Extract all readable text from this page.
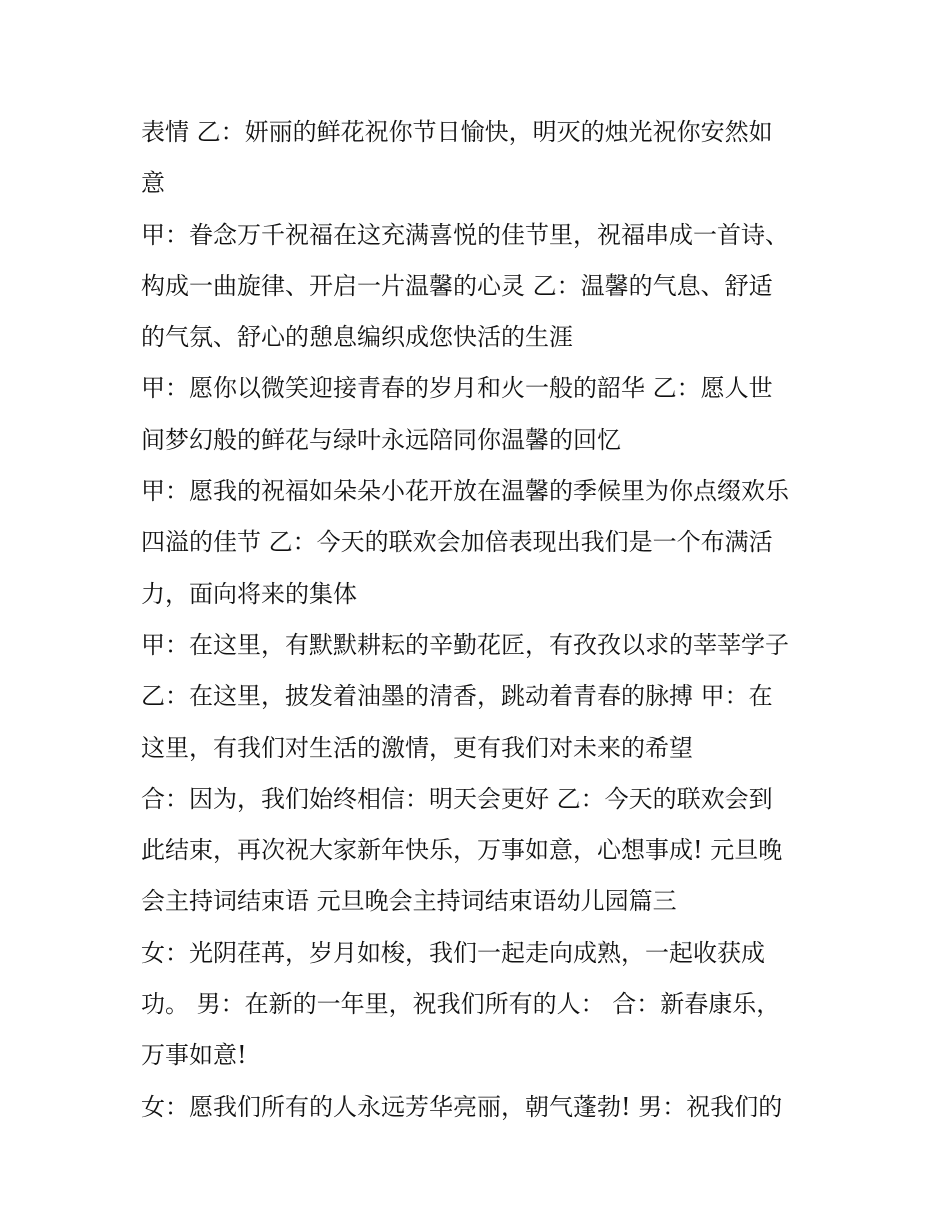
表情 乙：妍丽的鲜花祝你节日愉快，明灭的烛光祝你安然如
意
甲：眷念万千祝福在这充满喜悦的佳节里，祝福串成一首诗、
构成一曲旋律、开启一片温馨的心灵 乙：温馨的气息、舒适
的气氛、舒心的憩息编织成您快活的生涯
甲：愿你以微笑迎接青春的岁月和火一般的韶华 乙：愿人世
间梦幻般的鲜花与绿叶永远陪同你温馨的回忆
甲：愿我的祝福如朵朵小花开放在温馨的季候里为你点缀欢乐
四溢的佳节 乙：今天的联欢会加倍表现出我们是一个布满活
力，面向将来的集体
甲：在这里，有默默耕耘的辛勤花匠，有孜孜以求的莘莘学子
乙：在这里，披发着油墨的清香，跳动着青春的脉搏 甲：在
这里，有我们对生活的激情，更有我们对未来的希望
合：因为，我们始终相信：明天会更好 乙：今天的联欢会到
此结束，再次祝大家新年快乐，万事如意，心想事成! 元旦晚
会主持词结束语 元旦晚会主持词结束语幼儿园篇三
女：光阴荏苒，岁月如梭，我们一起走向成熟，一起收获成
功。 男：在新的一年里，祝我们所有的人： 合：新春康乐，
万事如意!
女：愿我们所有的人永远芳华亮丽，朝气蓬勃! 男：祝我们的
